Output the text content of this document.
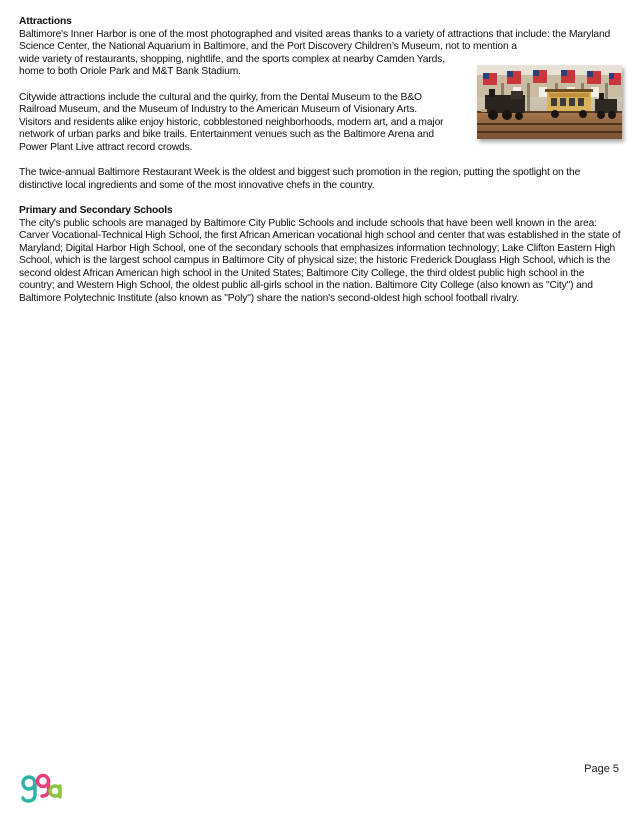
Attractions

Baltimore's Inner Harbor is one of the most photographed and visited areas thanks to a variety of attractions that include: the Maryland Science Center, the National Aquarium in Baltimore, and the Port Discovery Children’s Museum, not to mention a

wide variety of restaurants, shopping, nightlife, and the sports complex at nearby Camden Yards, home to both Oriole Park and M&T Bank Stadium.

Citywide attractions include the cultural and the quirky, from the Dental Museum to the B&O Railroad Museum, and the Museum of Industry to the American Museum of Visionary Arts. Visitors and residents alike enjoy historic, cobblestoned neighborhoods, modern art, and a major network of urban parks and bike trails. Entertainment venues such as the Baltimore Arena and Power Plant Live attract record crowds.

The twice-annual Baltimore Restaurant Week is the oldest and biggest such promotion in the region, putting the spotlight on the distinctive local ingredients and some of the most innovative chefs in the country.

Primary and Secondary Schools

The city's public schools are managed by Baltimore City Public Schools and include schools that have been well known in the area: Carver Vocational-Technical High School, the first African American vocational high school and center that was established in the state of Maryland; Digital Harbor High School, one of the secondary schools that emphasizes information technology; Lake Clifton Eastern High School, which is the largest school campus in Baltimore City of physical size; the historic Frederick Douglass High School, which is the second oldest African American high school in the United States; Baltimore City College, the third oldest public high school in the country; and Western High School, the oldest public all-girls school in the nation. Baltimore City College (also known as "City") and Baltimore Polytechnic Institute (also known as "Poly") share the nation's second-oldest high school football rivalry.

Page 5
